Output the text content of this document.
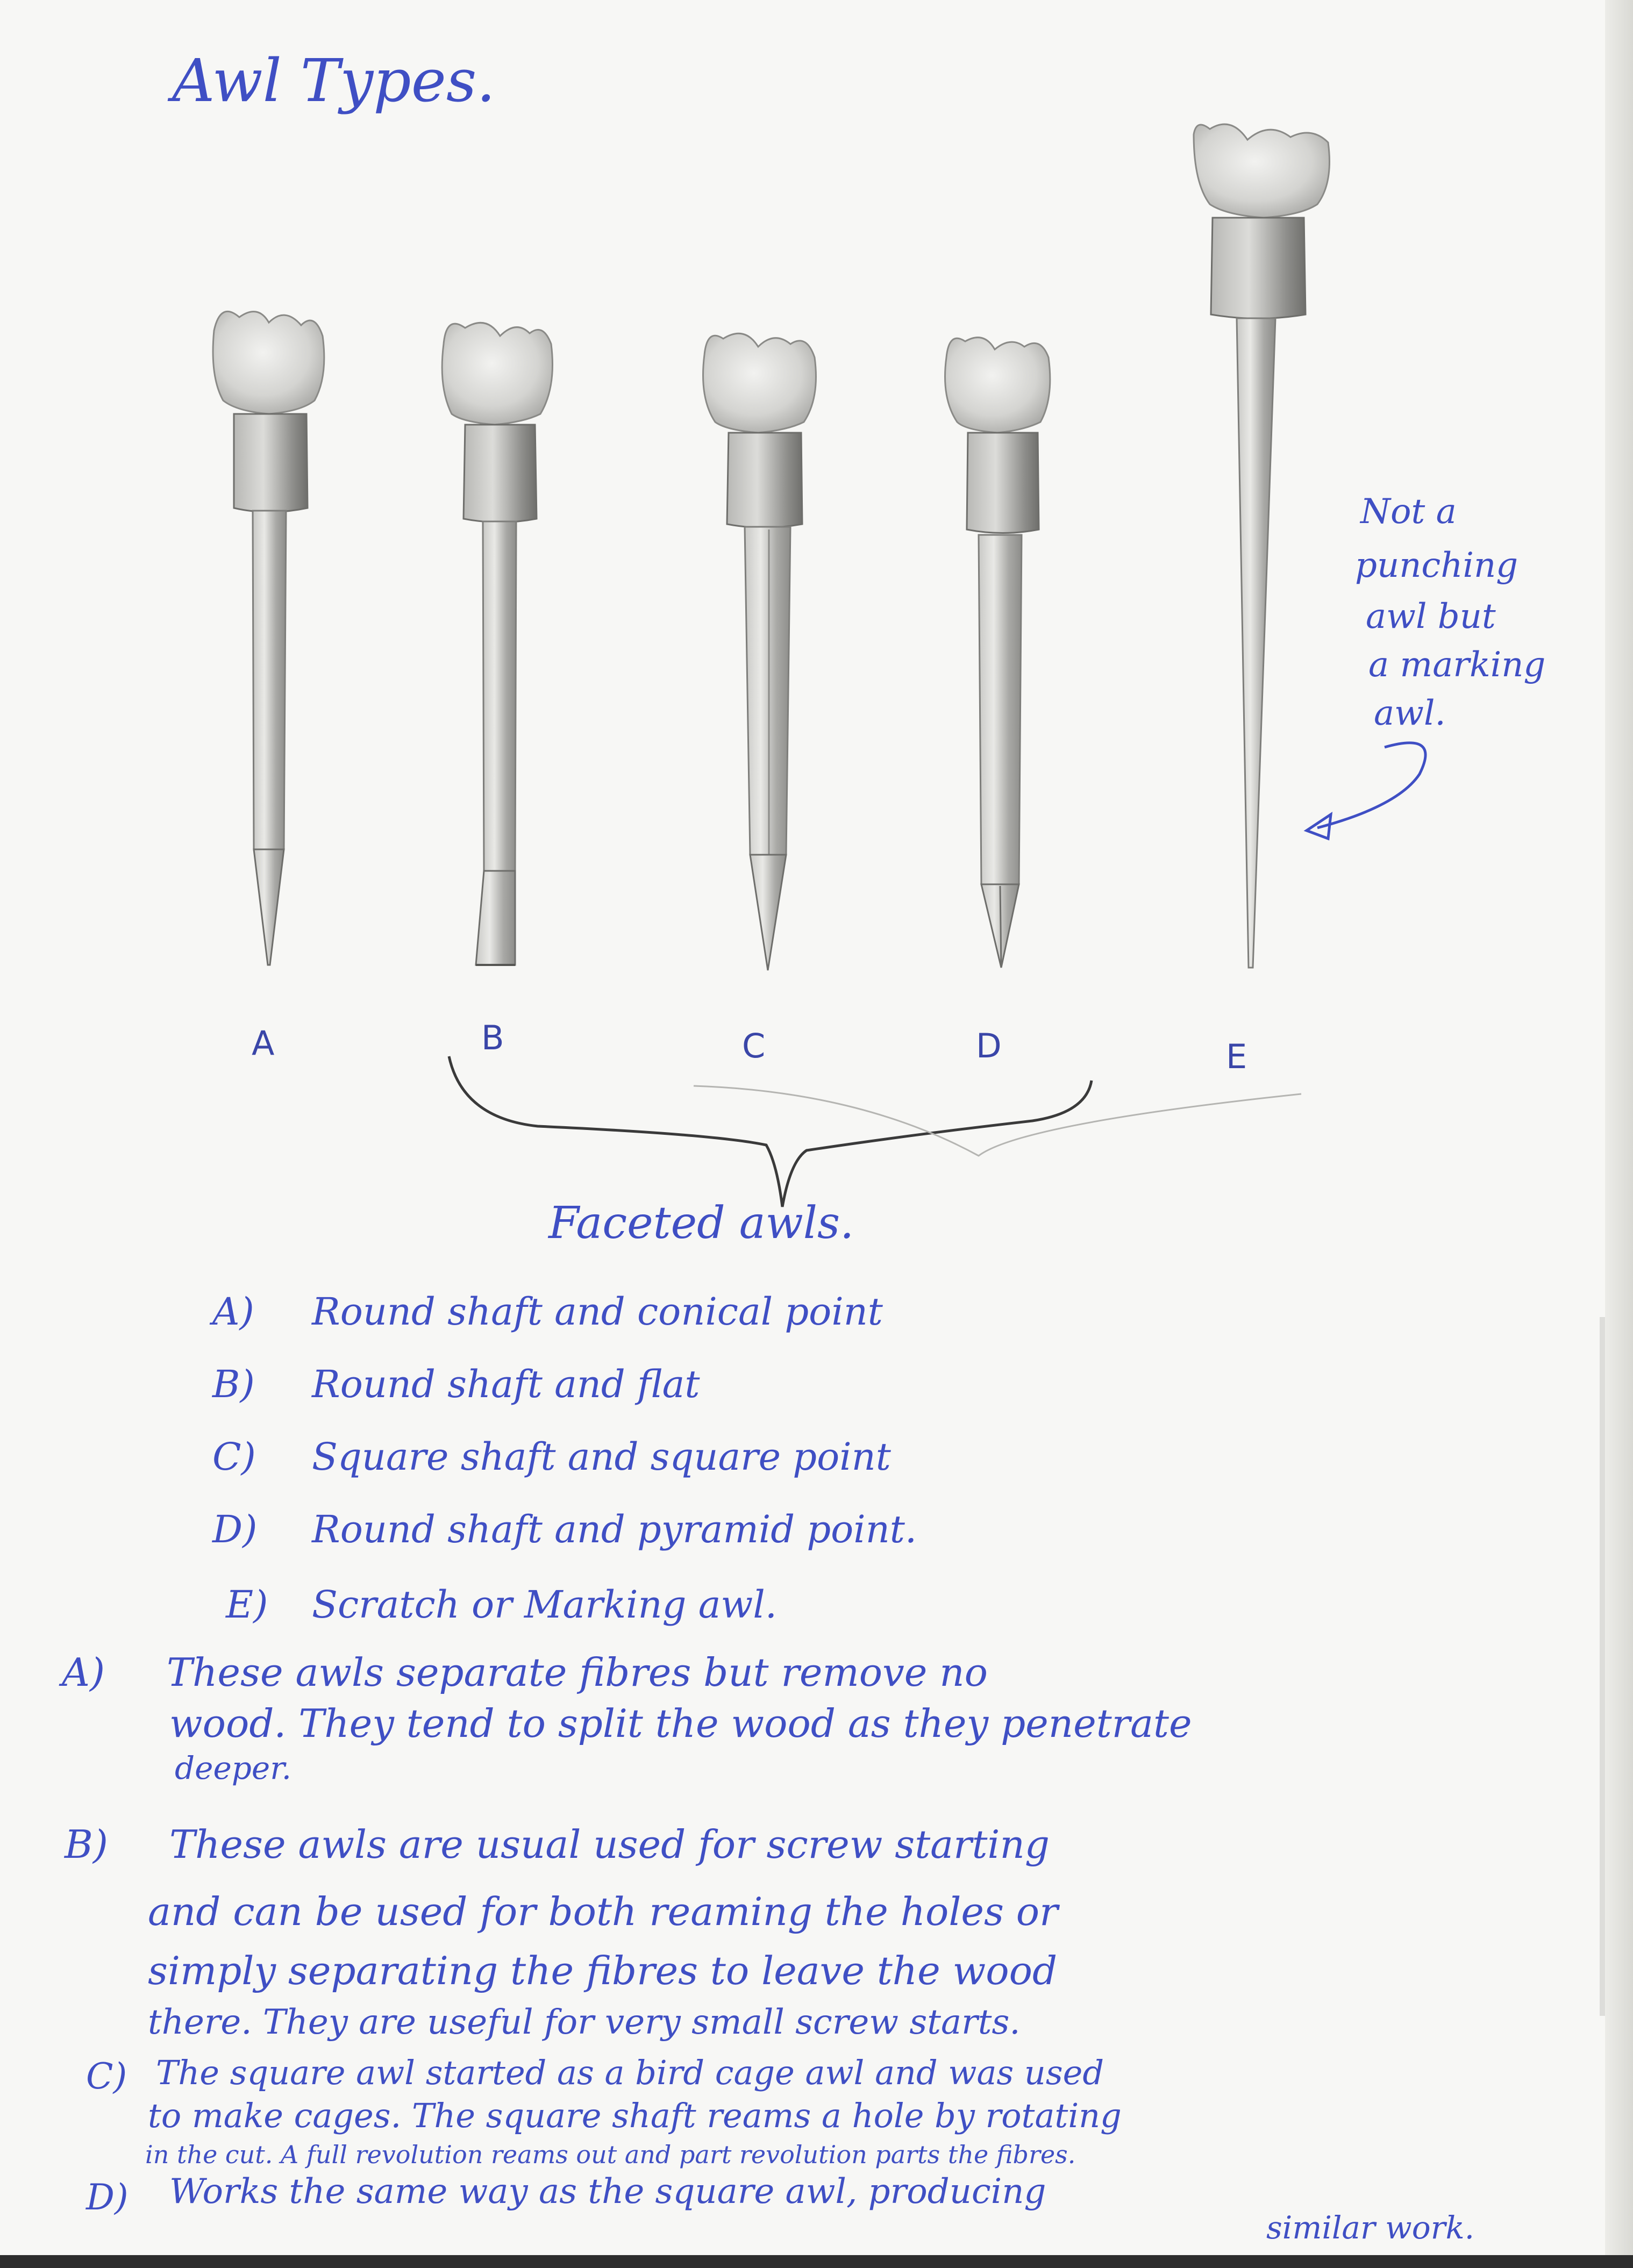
Awl Types.
A	B	C	D	E
Not a
punching
awl but
a marking
awl.
Faceted awls.
A) Round shaft and conical point
B) Round shaft and flat
C) Square shaft and square point
D) Round shaft and pyramid point.
E) Scratch or Marking awl.
A) These awls separate fibres but remove no
wood. They tend to split the wood as they penetrate
deeper.
B) These awls are usual used for screw starting
and can be used for both reaming the holes or
simply separating the fibres to leave the wood
there. They are useful for very small screw starts.
C) The square awl started as a bird cage awl and was used
to make cages. The square shaft reams a hole by rotating
in the cut. A full revolution reams out and part revolution parts the fibres.
D) Works the same way as the square awl, producing
similar work.
